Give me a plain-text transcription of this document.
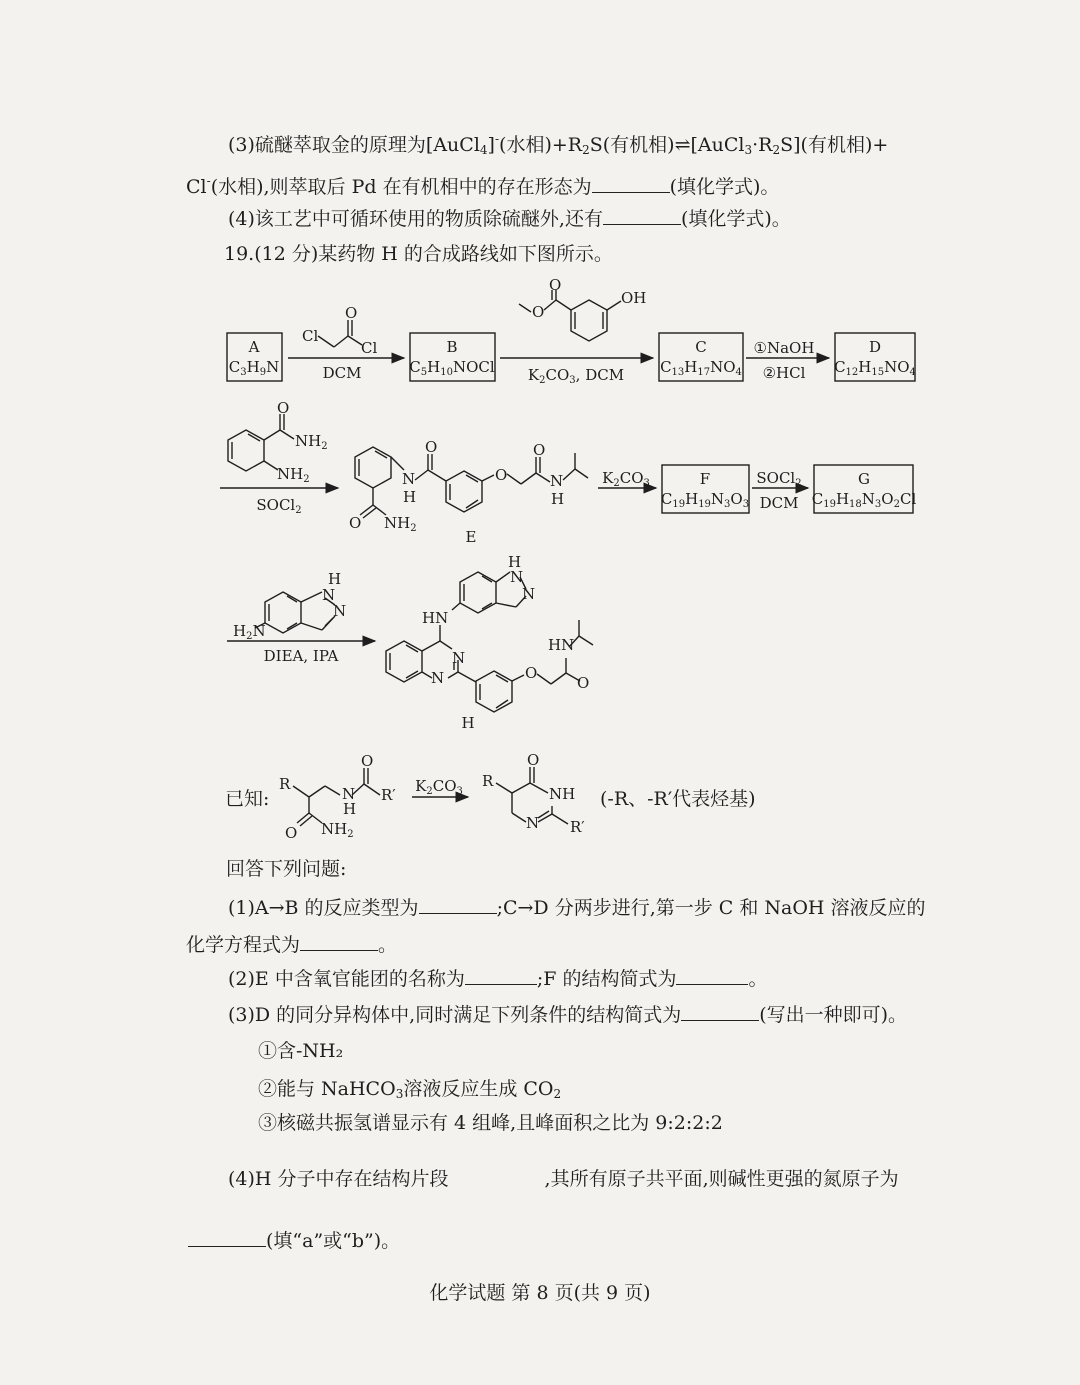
(3)硫醚萃取金的原理为[AuCl$_4$]-(水相)$+R_2S$(有机相)$\rightleftharpoons[AuCl_3\cdot R_2S]$(有机相)+
Cl-(水相),则萃取后 Pd 在有机相中的存在形态为	(填化学式)。
(4)该工艺中可循环使用的物质除硫醚外,还有	(填化学式)。
19.(12 分)某药物 H 的合成路线如下图所示。
A
$C_3H_9N$
B
$C_5H_{10}NOCl$
C
$C_{13}H_{17}NO_4$
D
$C_{12}H_{15}NO_4$
Cl
O
Cl
DCM
O
O
OH
$K_2CO_3$, DCM
①NaOH
②HCl
O
$NH_2$
$NH_2$
SOCl$_2$
N
H
O
O
O
N
H
O $NH_2$	E
$K_2CO_3$	F
$C_{19}H_{19}N_3O_3$
SOCl$_2$
DCM
G
$C_{19}H_{18}N_3O_2Cl$
H
N
N
$H_2N$
DIEA, IPA
H
N
N
HN
N
N	O
O
HN
H
R
N
H
O
R′
O $NH_2$
$K_2CO_3$
R
O
NH
N R′
已知:	(-R、-R′代表烃基)
回答下列问题:
(1)A→B 的反应类型为	;C→D 分两步进行,第一步 C 和 NaOH 溶液反应的
化学方程式为	。
(2)E 中含氧官能团的名称为	;F 的结构简式为	。
(3)D 的同分异构体中,同时满足下列条件的结构简式为	(写出一种即可)。
①含-NH₂
②能与 NaHCO$_3$溶液反应生成 $CO_2$
③核磁共振氢谱显示有 4 组峰,且峰面积之比为 9:2:2:2
(4)H 分子中存在结构片段	,其所有原子共平面,则碱性更强的氮原子为
(填“a”或“b”)。
化学试题 第 8 页(共 9 页)
